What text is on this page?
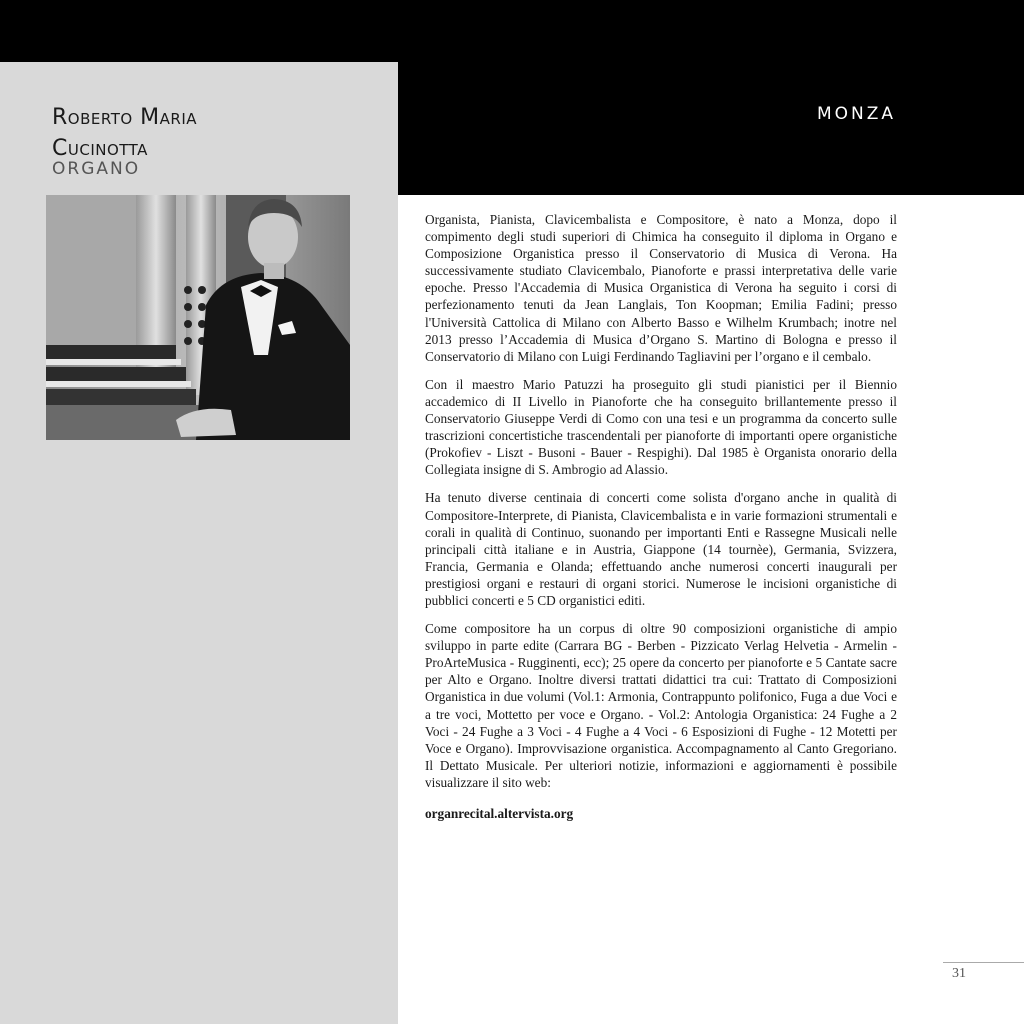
MONZA
Roberto Maria
Cucinotta
ORGANO

Organista, Pianista, Clavicembalista e Compositore, è nato a Monza, dopo il compimento degli studi superiori di Chimica ha conseguito il diploma in Organo e Composizione Organistica presso il Conservatorio di Musica di Verona. Ha successivamente studiato Clavicembalo, Pianoforte e prassi interpretativa delle varie epoche. Presso l'Accademia di Musica Organistica di Verona ha seguito i corsi di perfezionamento tenuti da Jean Langlais, Ton Koopman; Emilia Fadini; presso l'Università Cattolica di Milano con Alberto Basso e Wilhelm Krumbach; inotre nel 2013 presso l’Accademia di Musica d’Organo S. Martino di Bologna e presso il Conservatorio di Milano con Luigi Ferdinando Tagliavini per l’organo e il cembalo.

Con il maestro Mario Patuzzi ha proseguito gli studi pianistici per il Biennio accademico di II Livello in Pianoforte che ha conseguito brillantemente presso il Conservatorio Giuseppe Verdi di Como con una tesi e un programma da concerto sulle trascrizioni concertistiche trascendentali per pianoforte di importanti opere organistiche (Prokofiev - Liszt - Busoni - Bauer - Respighi). Dal 1985 è Organista onorario della Collegiata insigne di S. Ambrogio ad Alassio.

Ha tenuto diverse centinaia di concerti come solista d'organo anche in qualità di Compositore-Interprete, di Pianista, Clavicembalista e in varie formazioni strumentali e corali in qualità di Continuo, suonando per importanti Enti e Rassegne Musicali nelle principali città italiane e in Austria, Giappone (14 tournèe), Germania, Svizzera, Francia, Germania e Olanda; effettuando anche numerosi concerti inaugurali per prestigiosi organi e restauri di organi storici. Numerose le incisioni organistiche di pubblici concerti e 5 CD organistici editi.

Come compositore ha un corpus di oltre 90 composizioni organistiche di ampio sviluppo in parte edite (Carrara BG - Berben - Pizzicato Verlag Helvetia - Armelin - ProArteMusica - Rugginenti, ecc); 25 opere da concerto per pianoforte e 5 Cantate sacre per Alto e Organo. Inoltre diversi trattati didattici tra cui: Trattato di Composizioni Organistica in due volumi (Vol.1: Armonia, Contrappunto polifonico, Fuga a due Voci e a tre voci, Mottetto per voce e Organo. - Vol.2: Antologia Organistica: 24 Fughe a 2 Voci - 24 Fughe a 3 Voci - 4 Fughe a 4 Voci - 6 Esposizioni di Fughe - 12 Motetti per Voce e Organo). Improvvisazione organistica. Accompagnamento al Canto Gregoriano. Il Dettato Musicale. Per ulteriori notizie, informazioni e aggiornamenti è possibile visualizzare il sito web:

organrecital.altervista.org
31
